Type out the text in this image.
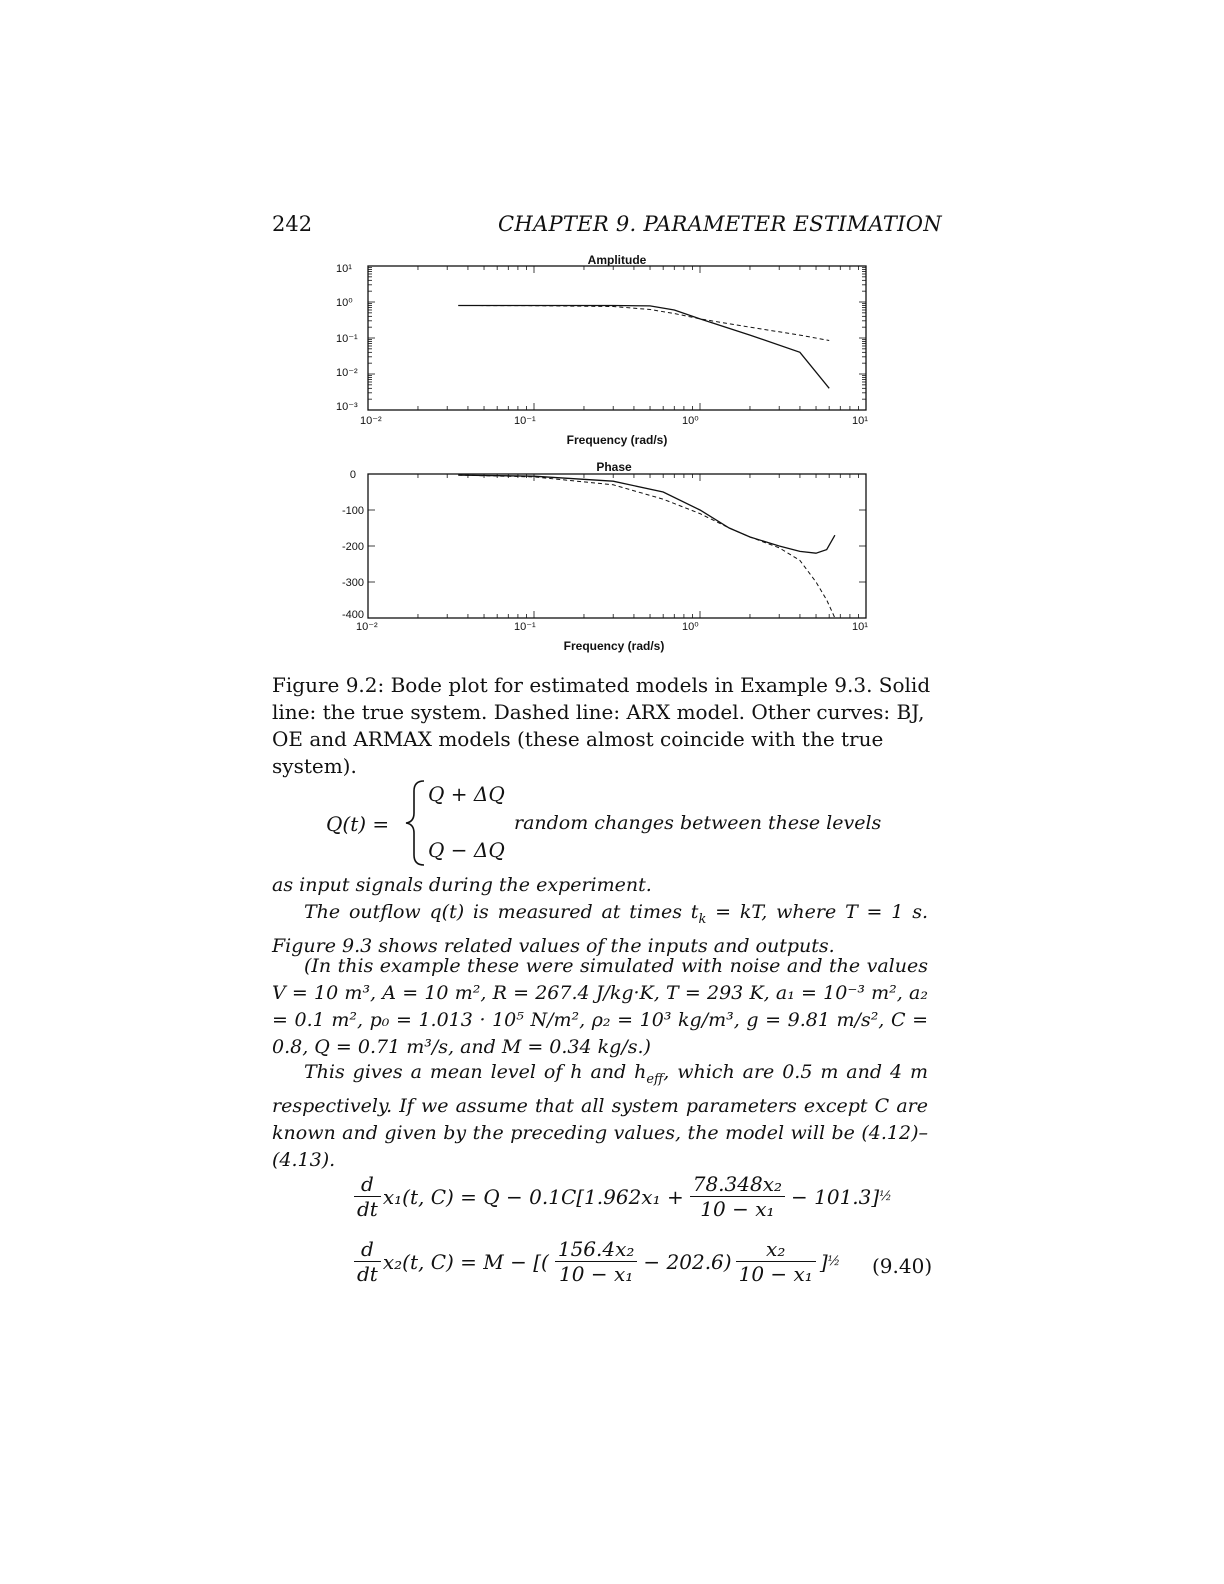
242	CHAPTER 9. PARAMETER ESTIMATION
Amplitude
10¹
10⁰
10⁻¹
10⁻²
10⁻³
10⁻²	10⁻¹	10⁰	10¹
Frequency (rad/s)
Phase
0
-100
-200
-300
-400
10⁻²	10⁻¹	10⁰	10¹
Frequency (rad/s)
Figure 9.2: Bode plot for estimated models in Example 9.3. Solid line: the true system. Dashed line: ARX model. Other curves: BJ, OE and ARMAX models (these almost coincide with the true system).
Q(t) =
Q + ΔQ
Q − ΔQ
random changes between these levels
as input signals during the experiment.
The outflow q(t) is measured at times $t_k$ = kT, where T = 1 s. Figure 9.3 shows related values of the inputs and outputs.
(In this example these were simulated with noise and the values V = 10 m³, A = 10 m², R = 267.4 J/kg·K, T = 293 K, a₁ = 10⁻³ m², a₂ = 0.1 m², p₀ = 1.013 · 10⁵ N/m², ρ₂ = 10³ kg/m³, g = 9.81 m/s², C = 0.8, Q = 0.71 m³/s, and M = 0.34 kg/s.)
This gives a mean level of h and $h_{eff}$, which are 0.5 m and 4 m respectively. If we assume that all system parameters except C are known and given by the preceding values, the model will be (4.12)–(4.13).
$\frac{d}{dt} x_1(t$, $C) = Q - 0.1C[1.962x_1 + \frac{\text{78.348x₂}}{\text{10 − x₁}} - 101.3]$ ½
$\frac{d}{dt} x_2(t$, C) = M − [( $\frac{\text{156.4x₂}}{\text{10 − x₁}} - 202.6) \frac{\text{x₂}}{\text{10 − x₁}}$ ] ½ (9.40)
